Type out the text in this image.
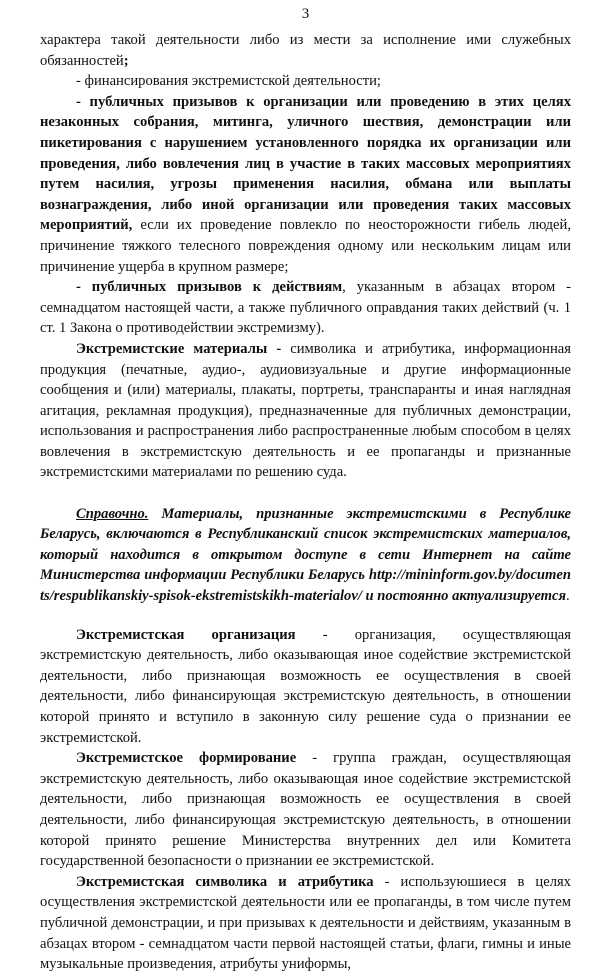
3

характера такой деятельности либо из мести за исполнение ими служебных обязанностей;

- финансирования экстремистской деятельности;

- публичных призывов к организации или проведению в этих целях незаконных собрания, митинга, уличного шествия, демонстрации или пикетирования с нарушением установленного порядка их организации или проведения, либо вовлечения лиц в участие в таких массовых мероприятиях путем насилия, угрозы применения насилия, обмана или выплаты вознаграждения, либо иной организации или проведения таких массовых мероприятий, если их проведение повлекло по неосторожности гибель людей, причинение тяжкого телесного повреждения одному или нескольким лицам или причинение ущерба в крупном размере;

- публичных призывов к действиям, указанным в абзацах втором - семнадцатом настоящей части, а также публичного оправдания таких действий (ч. 1 ст. 1 Закона о противодействии экстремизму).

Экстремистские материалы - символика и атрибутика, информационная продукция (печатные, аудио-, аудиовизуальные и другие информационные сообщения и (или) материалы, плакаты, портреты, транспаранты и иная наглядная агитация, рекламная продукция), предназначенные для публичных демонстрации, использования и распространения либо распространенные любым способом в целях вовлечения в экстремистскую деятельность и ее пропаганды и признанные экстремистскими материалами по решению суда.

Справочно. Материалы, признанные экстремистскими в Республике Беларусь, включаются в Республиканский список экстремистских материалов, который находится в открытом доступе в сети Интернет на сайте Министерства информации Республики Беларусь http://mininform.gov.by/documents/respublikanskiy-spisok-ekstremistskikh-materialov/ и постоянно актуализируется.

Экстремистская организация - организация, осуществляющая экстремистскую деятельность, либо оказывающая иное содействие экстремистской деятельности, либо признающая возможность ее осуществления в своей деятельности, либо финансирующая экстремистскую деятельность, в отношении которой принято и вступило в законную силу решение суда о признании ее экстремистской.

Экстремистское формирование - группа граждан, осуществляющая экстремистскую деятельность, либо оказывающая иное содействие экстремистской деятельности, либо признающая возможность ее осуществления в своей деятельности, либо финансирующая экстремистскую деятельность, в отношении которой принято решение Министерства внутренних дел или Комитета государственной безопасности о признании ее экстремистской.

Экстремистская символика и атрибутика - используюшиеся в целях осуществления экстремистской деятельности или ее пропаганды, в том числе путем публичной демонстрации, и при призывах к деятельности и действиям, указанным в абзацах втором - семнадцатом части первой настоящей статьи, флаги, гимны и иные музыкальные произведения, атрибуты униформы,
